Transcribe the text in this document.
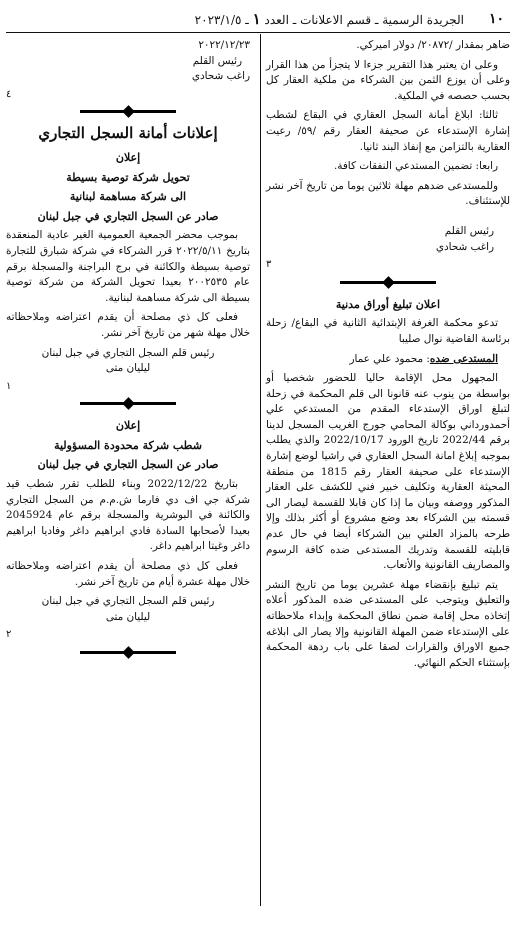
١٠
الجريدة الرسمية ـ قسم الاعلانات ـ العدد ١ ـ ٢٠٢٣/١/٥

ضاهر بمقدار /٢٠٨٧٢/ دولار اميركي.

وعلى ان يعتبر هذا التقرير جزءا لا يتجزأ من هذا القرار وعلى أن يوزع الثمن بين الشركاء من ملكية العقار كل بحسب حصصه في الملكية.

ثالثا: ابلاغ أمانة السجل العقاري في البقاع لشطب إشارة الإستدعاء عن صحيفة العقار رقم /٥٩/ رعيت العقارية بالتزامن مع إنفاذ البند ثانيا.

رابعا: تضمين المستدعي النفقات كافة.

وللمستدعى ضدهم مهلة ثلاثين يوما من تاريخ آخر نشر للإستئناف.

رئيس القلم

راغب شحادي

٣

اعلان تبليغ أوراق مدنية

تدعو محكمة الغرفة الإبتدائية الثانية في البقاع/ زحلة برئاسة القاضية نوال صليبا

المستدعى ضده: محمود علي عمار

المجهول محل الإقامة حاليا للحضور شخصيا أو بواسطة من ينوب عنه قانونا الى قلم المحكمة في زحلة لتبلغ اوراق الإستدعاء المقدم من المستدعي علي أحمدورداني بوكالة المحامي جورج الغريب المسجل لدينا برقم 2022/44 تاريخ الورود 2022/10/17 والذي يطلب بموجبه إبلاغ امانة السجل العقاري في راشيا لوضع إشارة الإستدعاء على صحيفة العقار رقم 1815 من منطقة المحيثة العقارية وتكليف خبير فني للكشف على العقار المذكور ووصفه وبيان ما إذا كان قابلا للقسمة ليصار الى قسمته بين الشركاء بعد وضع مشروع أو أكثر بذلك وإلا طرحه بالمزاد العلني بين الشركاء أيضا في حال عدم قابليته للقسمة وتدريك المستدعى ضده كافة الرسوم والمصاريف القانونية والأتعاب.

يتم تبليغ بإنقضاء مهلة عشرين يوما من تاريخ النشر والتعليق ويتوجب على المستدعى ضده المذكور أعلاه إتخاذه محل إقامة ضمن نطاق المحكمة وإبداء ملاحظاته على الإستدعاء ضمن المهلة القانونية وإلا يصار الى ابلاغه جميع الاوراق والقرارات لصقا على باب ردهة المحكمة بإستثناء الحكم النهائي.

٢٠٢٢/١٢/٢٣

رئيس القلم

راغب شحادي

٤

إعلانات أمانة السجل التجاري

إعلان

تحويل شركة توصية بسيطة

الى شركة مساهمة لبنانية

صادر عن السجل التجاري في جبل لبنان

بموجب محضر الجمعية العمومية الغير عادية المنعقدة بتاريخ ٢٠٢٢/٥/١١ قرر الشركاء في شركة شبارق للتجارة توصية بسيطة والكائنة في برج البراجنة والمسجلة برقم عام ٢٠٠٢٥٣٥ بعيدا تحويل الشركة من شركة توصية بسيطة الى شركة مساهمة لبنانية.

فعلى كل ذي مصلحة أن يقدم اعتراضه وملاحظاته خلال مهلة شهر من تاريخ آخر نشر.

رئيس قلم السجل التجاري في جبل لبنان

ليليان متى

١

إعلان

شطب شركة محدودة المسؤولية

صادر عن السجل التجاري في جبل لبنان

بتاريخ 2022/12/22 وبناء للطلب تقرر شطب قيد شركة جي اف دي فارما ش.م.م من السجل التجاري والكائنة في البوشرية والمسجلة برقم عام 2045924 بعيدا لأصحابها السادة فادي ابراهيم داغر وفاديا ابراهيم داغر وغيتا ابراهيم داغر.

فعلى كل ذي مصلحة أن يقدم اعتراضه وملاحظاته خلال مهلة عشرة أيام من تاريخ آخر نشر.

رئيس قلم السجل التجاري في جبل لبنان

ليليان متى

٢
